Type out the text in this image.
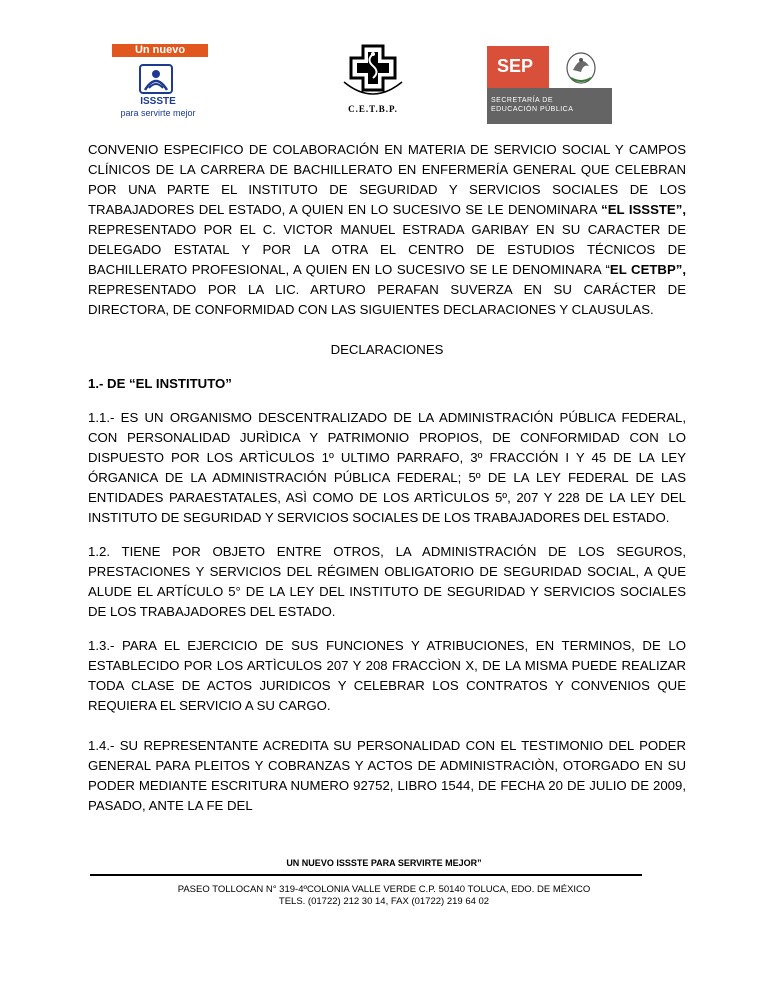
Un nuevo
ISSSTE
para servirte mejor	C.E.T.B.P.
SEP
SECRETARÍA DE
EDUCACIÓN PÚBLICA

CONVENIO ESPECIFICO DE COLABORACIÓN EN MATERIA DE SERVICIO SOCIAL Y CAMPOS CLÍNICOS DE LA CARRERA DE BACHILLERATO EN ENFERMERÍA GENERAL QUE CELEBRAN POR UNA PARTE EL INSTITUTO DE SEGURIDAD Y SERVICIOS SOCIALES DE LOS TRABAJADORES DEL ESTADO, A QUIEN EN LO SUCESIVO SE LE DENOMINARA “EL ISSSTE”, REPRESENTADO POR EL C. VICTOR MANUEL ESTRADA GARIBAY EN SU CARACTER DE DELEGADO ESTATAL Y POR LA OTRA EL CENTRO DE ESTUDIOS TÉCNICOS DE BACHILLERATO PROFESIONAL, A QUIEN EN LO SUCESIVO SE LE DENOMINARA “EL CETBP”, REPRESENTADO POR LA LIC. ARTURO PERAFAN SUVERZA EN SU CARÁCTER DE DIRECTORA, DE CONFORMIDAD CON LAS SIGUIENTES DECLARACIONES Y CLAUSULAS.

DECLARACIONES

1.- DE “EL INSTITUTO”

1.1.- ES UN ORGANISMO DESCENTRALIZADO DE LA ADMINISTRACIÓN PÚBLICA FEDERAL, CON PERSONALIDAD JURÌDICA Y PATRIMONIO PROPIOS, DE CONFORMIDAD CON LO DISPUESTO POR LOS ARTÌCULOS 1º ULTIMO PARRAFO, 3º FRACCIÓN I Y 45 DE LA LEY ÓRGANICA DE LA ADMINISTRACIÓN PÚBLICA FEDERAL; 5º DE LA LEY FEDERAL DE LAS ENTIDADES PARAESTATALES, ASÌ COMO DE LOS ARTÌCULOS 5º, 207 Y 228 DE LA LEY DEL INSTITUTO DE SEGURIDAD Y SERVICIOS SOCIALES DE LOS TRABAJADORES DEL ESTADO.

1.2. TIENE POR OBJETO ENTRE OTROS, LA ADMINISTRACIÓN DE LOS SEGUROS, PRESTACIONES Y SERVICIOS DEL RÉGIMEN OBLIGATORIO DE SEGURIDAD SOCIAL, A QUE ALUDE EL ARTÍCULO 5° DE LA LEY DEL INSTITUTO DE SEGURIDAD Y SERVICIOS SOCIALES DE LOS TRABAJADORES DEL ESTADO.

1.3.- PARA EL EJERCICIO DE SUS FUNCIONES Y ATRIBUCIONES, EN TERMINOS, DE LO ESTABLECIDO POR LOS ARTÌCULOS 207 Y 208 FRACCÌON X, DE LA MISMA PUEDE REALIZAR TODA CLASE DE ACTOS JURIDICOS Y CELEBRAR LOS CONTRATOS Y CONVENIOS QUE REQUIERA EL SERVICIO A SU CARGO.

1.4.- SU REPRESENTANTE ACREDITA SU PERSONALIDAD CON EL TESTIMONIO DEL PODER GENERAL PARA PLEITOS Y COBRANZAS Y ACTOS DE ADMINISTRACIÒN, OTORGADO EN SU PODER MEDIANTE ESCRITURA NUMERO 92752, LIBRO 1544, DE FECHA 20 DE JULIO DE 2009, PASADO, ANTE LA FE DEL

UN NUEVO ISSSTE PARA SERVIRTE MEJOR”
PASEO TOLLOCAN N° 319-4ºCOLONIA VALLE VERDE C.P. 50140 TOLUCA, EDO. DE MÉXICO
TELS. (01722) 212 30 14, FAX (01722) 219 64 02
